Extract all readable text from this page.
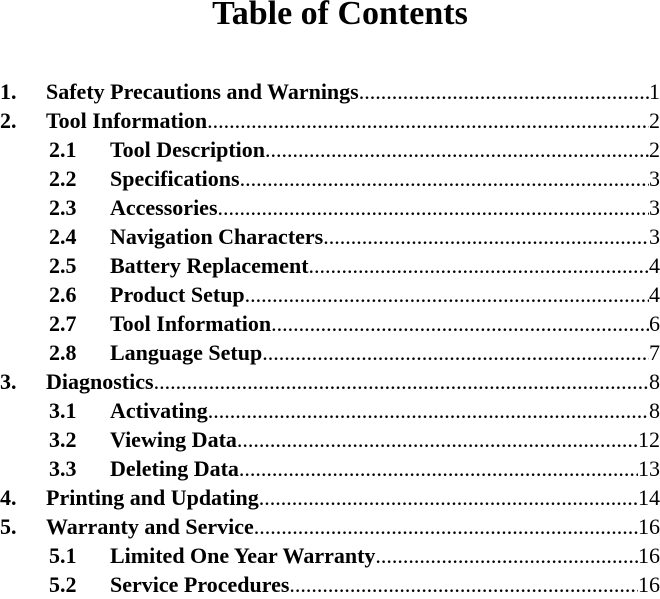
Table of Contents
1. Safety Precautions and Warnings .....	1
2. Tool Information .....	2
2.1 Tool Description .....	2
2.2 Specifications .....	3
2.3 Accessories .....	3
2.4 Navigation Characters .....	3
2.5 Battery Replacement .....	4
2.6 Product Setup .....	4
2.7 Tool Information .....	6
2.8 Language Setup .....	7
3. Diagnostics .....	8
3.1 Activating .....	8
3.2 Viewing Data .....	12
3.3 Deleting Data .....	13
4. Printing and Updating .....	14
5. Warranty and Service .....	16
5.1 Limited One Year Warranty .....	16
5.2 Service Procedures .....	16
